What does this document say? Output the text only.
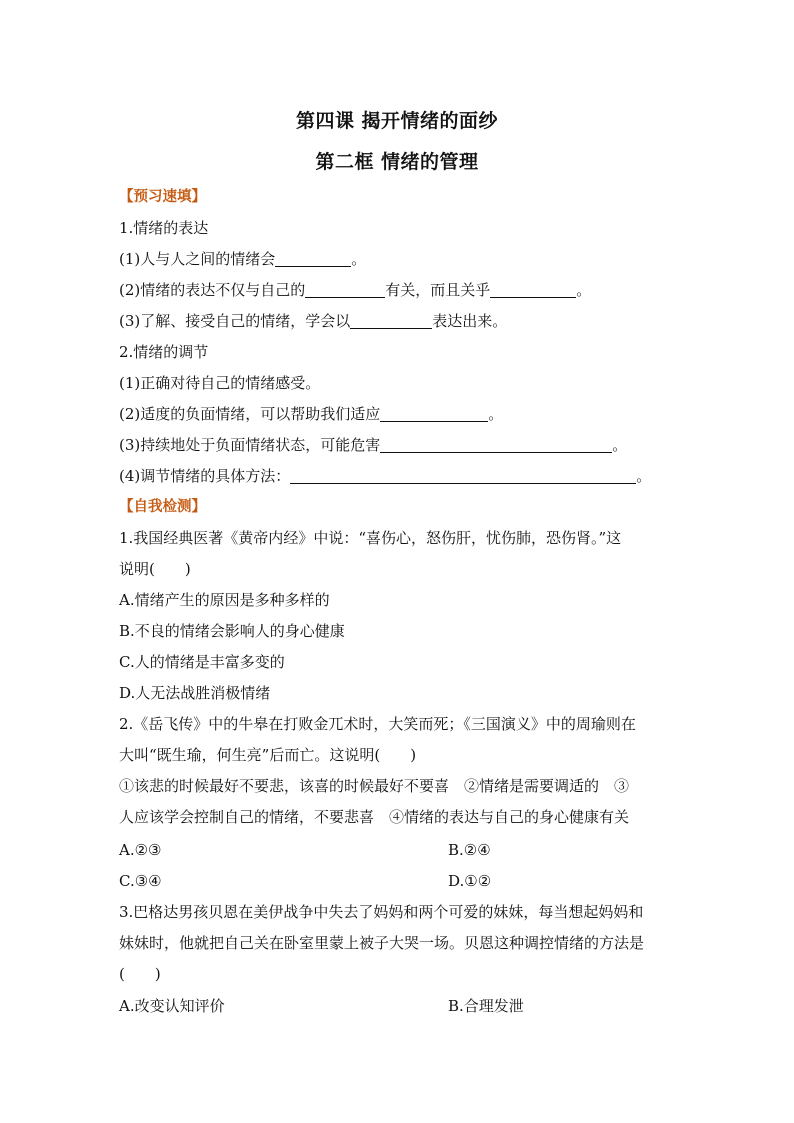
第四课 揭开情绪的面纱
第二框 情绪的管理
【预习速填】
1.情绪的表达
(1)人与人之间的情绪会	。
(2)情绪的表达不仅与自己的	有关，而且关乎	。
(3)了解、接受自己的情绪，学会以	表达出来。
2.情绪的调节
(1)正确对待自己的情绪感受。
(2)适度的负面情绪，可以帮助我们适应	。
(3)持续地处于负面情绪状态，可能危害	。
(4)调节情绪的具体方法：	。
【自我检测】
1.我国经典医著《黄帝内经》中说：“喜伤心，怒伤肝，忧伤肺，恐伤肾。”这
说明(　　)
A.情绪产生的原因是多种多样的
B.不良的情绪会影响人的身心健康
C.人的情绪是丰富多变的
D.人无法战胜消极情绪
2.《岳飞传》中的牛皋在打败金兀术时，大笑而死；《三国演义》中的周瑜则在
大叫“既生瑜，何生亮”后而亡。这说明(　　)
①该悲的时候最好不要悲，该喜的时候最好不要喜　②情绪是需要调适的　③
人应该学会控制自己的情绪，不要悲喜　④情绪的表达与自己的身心健康有关
A.②③	B.②④
C.③④	D.①②
3.巴格达男孩贝恩在美伊战争中失去了妈妈和两个可爱的妹妹，每当想起妈妈和
妹妹时，他就把自己关在卧室里蒙上被子大哭一场。贝恩这种调控情绪的方法是
(　　)
A.改变认知评价	B.合理发泄
